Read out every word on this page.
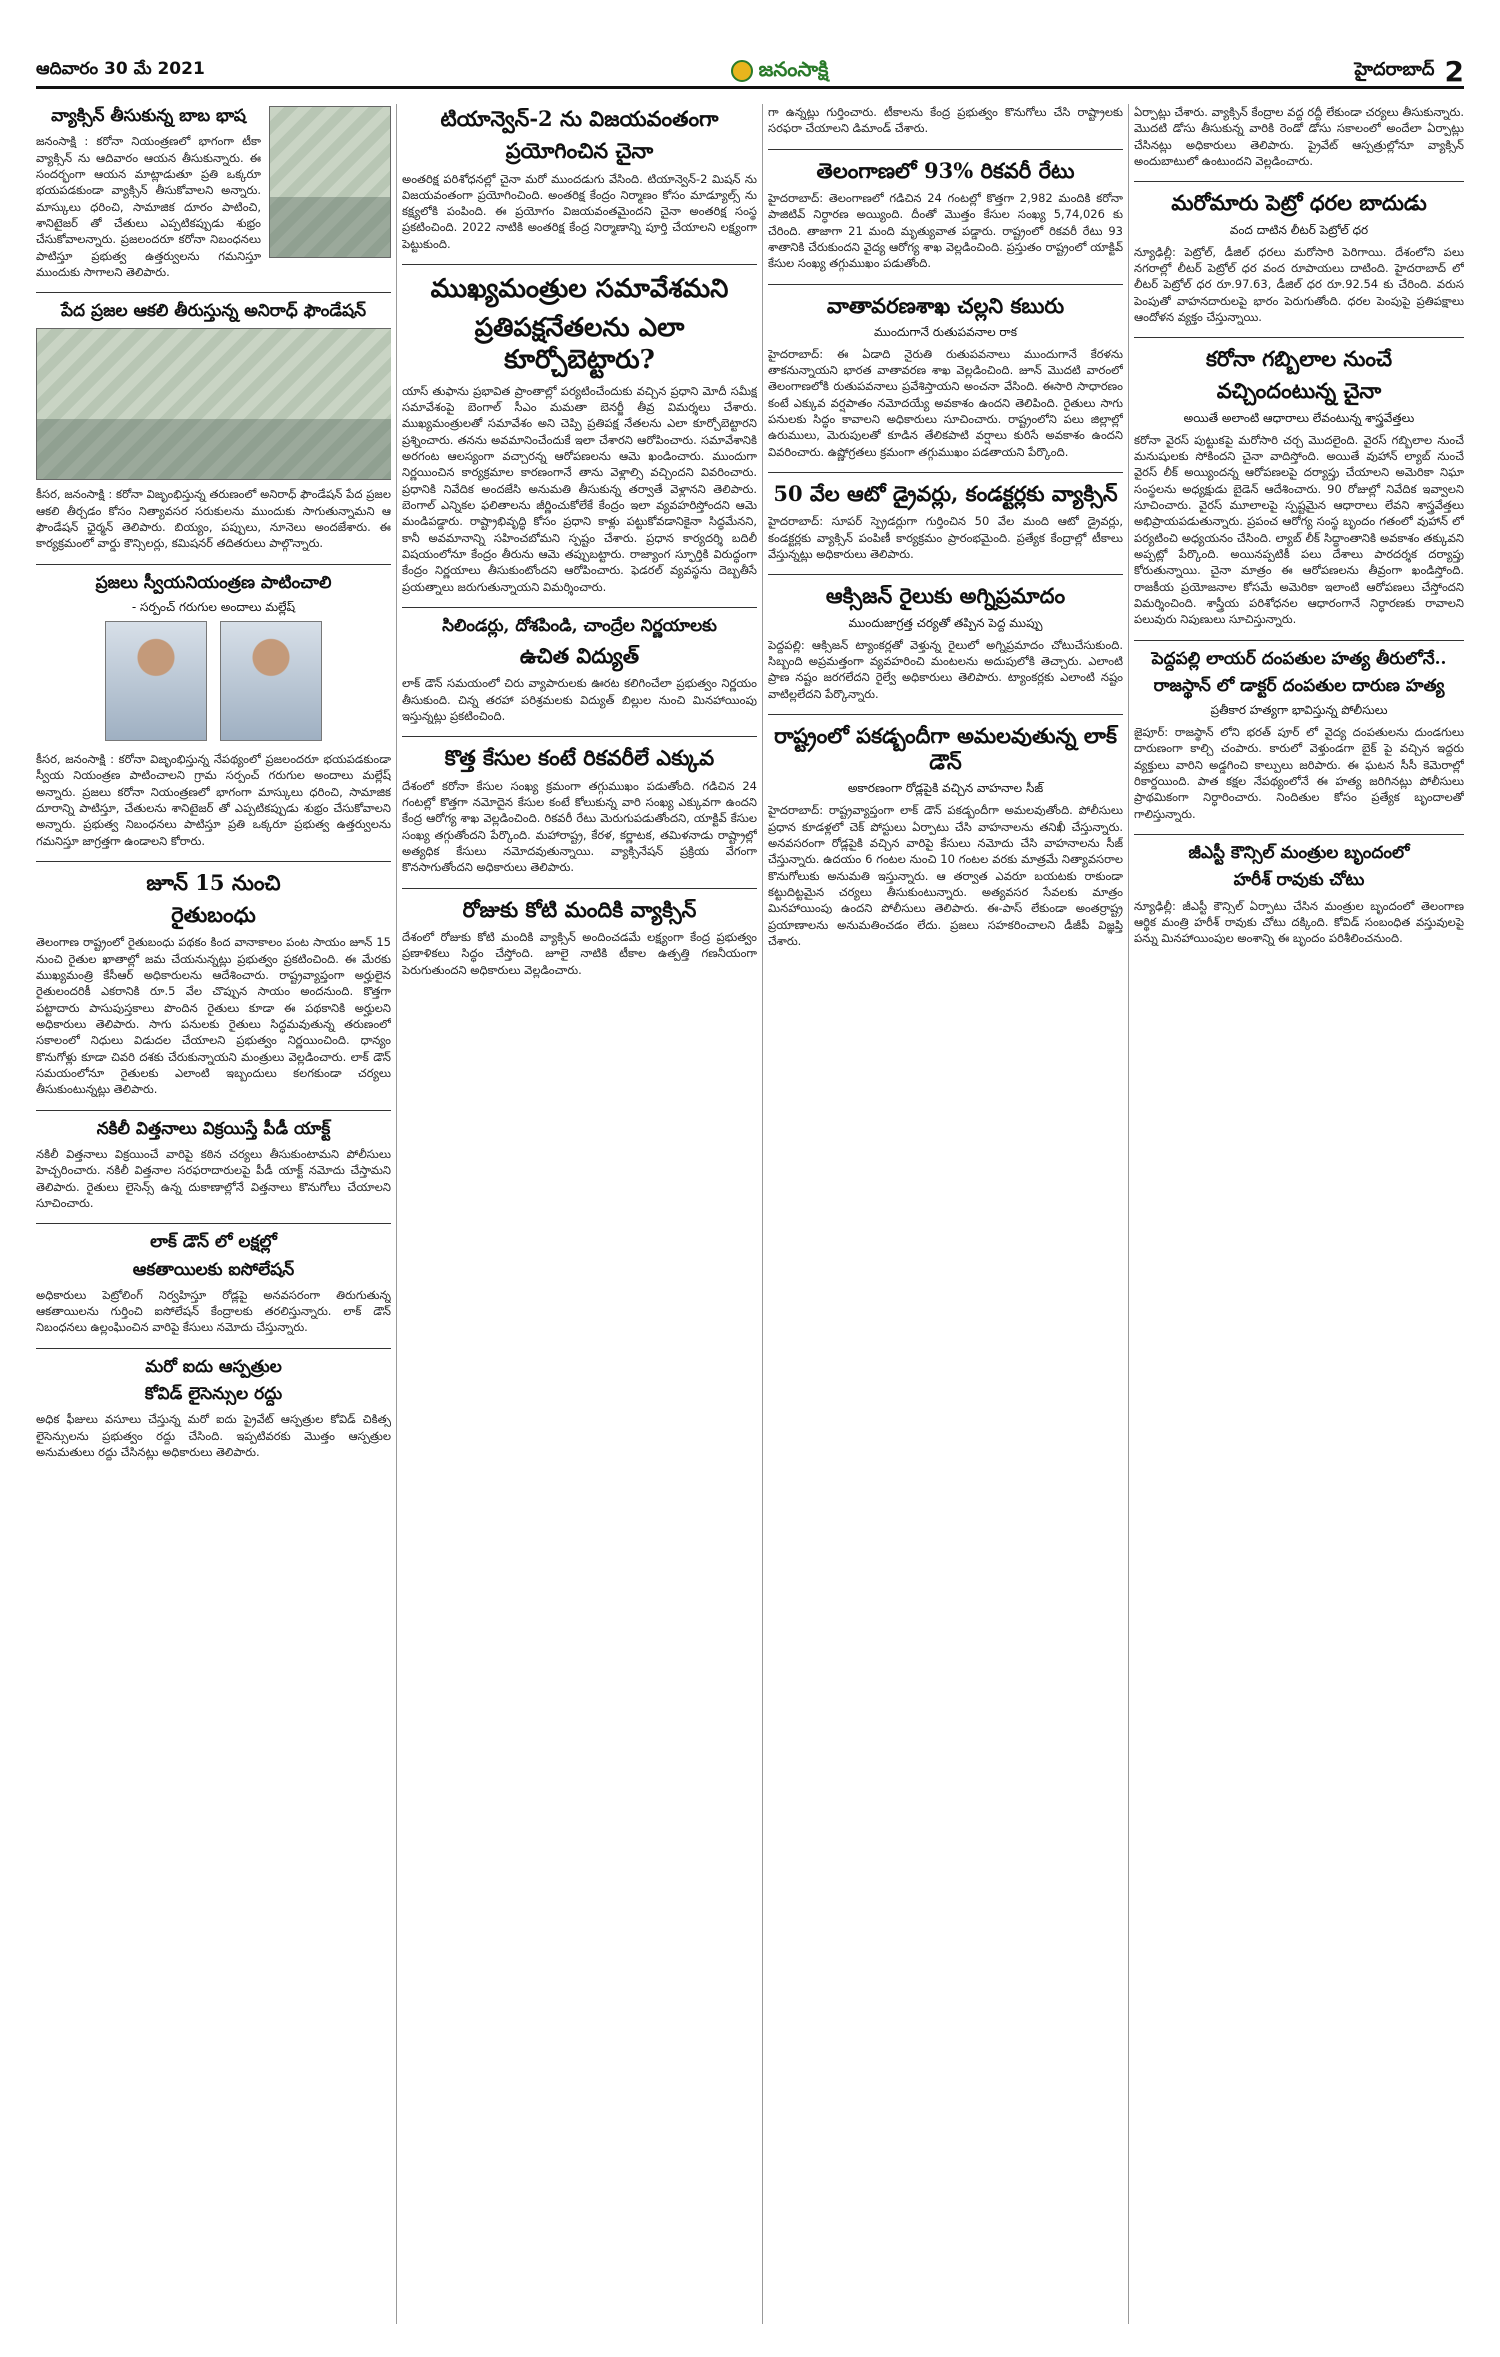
ఆదివారం 30 మే 2021	జనంసాక్షి	హైదరాబాద్ 2
వ్యాక్సిన్ తీసుకున్న బాబ భాష

జనంసాక్షి : కరోనా నియంత్రణలో భాగంగా టీకా వ్యాక్సిన్ ను ఆదివారం ఆయన తీసుకున్నారు. ఈ సందర్భంగా ఆయన మాట్లాడుతూ ప్రతి ఒక్కరూ భయపడకుండా వ్యాక్సిన్ తీసుకోవాలని అన్నారు. మాస్కులు ధరించి, సామాజిక దూరం పాటించి, శానిటైజర్ తో చేతులు ఎప్పటికప్పుడు శుభ్రం చేసుకోవాలన్నారు. ప్రజలందరూ కరోనా నిబంధనలు పాటిస్తూ ప్రభుత్వ ఉత్తర్వులను గమనిస్తూ ముందుకు సాగాలని తెలిపారు.

పేద ప్రజల ఆకలి తీరుస్తున్న అనిరాధ్ ఫౌండేషన్

కీసర, జనంసాక్షి : కరోనా విజృంభిస్తున్న తరుణంలో అనిరాధ్ ఫౌండేషన్ పేద ప్రజల ఆకలి తీర్చడం కోసం నిత్యావసర సరుకులను ముందుకు సాగుతున్నామని ఆ ఫౌండేషన్ ఛైర్మన్ తెలిపారు. బియ్యం, పప్పులు, నూనెలు అందజేశారు. ఈ కార్యక్రమంలో వార్డు కౌన్సిలర్లు, కమిషనర్ తదితరులు పాల్గొన్నారు.

ప్రజలు స్వీయనియంత్రణ పాటించాలి

- సర్పంచ్ గరుగుల అందాలు మల్లేష్

కీసర, జనంసాక్షి : కరోనా విజృంభిస్తున్న నేపథ్యంలో ప్రజలందరూ భయపడకుండా స్వీయ నియంత్రణ పాటించాలని గ్రామ సర్పంచ్ గరుగుల అందాలు మల్లేష్ అన్నారు. ప్రజలు కరోనా నియంత్రణలో భాగంగా మాస్కులు ధరించి, సామాజిక దూరాన్ని పాటిస్తూ, చేతులను శానిటైజర్ తో ఎప్పటికప్పుడు శుభ్రం చేసుకోవాలని అన్నారు. ప్రభుత్వ నిబంధనలు పాటిస్తూ ప్రతి ఒక్కరూ ప్రభుత్వ ఉత్తర్వులను గమనిస్తూ జాగ్రత్తగా ఉండాలని కోరారు.

జూన్ 15 నుంచి
రైతుబంధు

తెలంగాణ రాష్ట్రంలో రైతుబంధు పథకం కింద వానాకాలం పంట సాయం జూన్ 15 నుంచి రైతుల ఖాతాల్లో జమ చేయనున్నట్లు ప్రభుత్వం ప్రకటించింది. ఈ మేరకు ముఖ్యమంత్రి కేసీఆర్ అధికారులను ఆదేశించారు. రాష్ట్రవ్యాప్తంగా అర్హులైన రైతులందరికీ ఎకరానికి రూ.5 వేల చొప్పున సాయం అందనుంది. కొత్తగా పట్టాదారు పాసుపుస్తకాలు పొందిన రైతులు కూడా ఈ పథకానికి అర్హులని అధికారులు తెలిపారు. సాగు పనులకు రైతులు సిద్ధమవుతున్న తరుణంలో సకాలంలో నిధులు విడుదల చేయాలని ప్రభుత్వం నిర్ణయించింది. ధాన్యం కొనుగోళ్లు కూడా చివరి దశకు చేరుకున్నాయని మంత్రులు వెల్లడించారు. లాక్ డౌన్ సమయంలోనూ రైతులకు ఎలాంటి ఇబ్బందులు కలగకుండా చర్యలు తీసుకుంటున్నట్లు తెలిపారు.

నకిలీ విత్తనాలు విక్రయిస్తే పీడీ యాక్ట్

నకిలీ విత్తనాలు విక్రయించే వారిపై కఠిన చర్యలు తీసుకుంటామని పోలీసులు హెచ్చరించారు. నకిలీ విత్తనాల సరఫరాదారులపై పీడీ యాక్ట్ నమోదు చేస్తామని తెలిపారు. రైతులు లైసెన్స్ ఉన్న దుకాణాల్లోనే విత్తనాలు కొనుగోలు చేయాలని సూచించారు.

లాక్ డౌన్ లో లక్షల్లో
ఆకతాయిలకు ఐసోలేషన్

అధికారులు పెట్రోలింగ్ నిర్వహిస్తూ రోడ్లపై అనవసరంగా తిరుగుతున్న ఆకతాయిలను గుర్తించి ఐసోలేషన్ కేంద్రాలకు తరలిస్తున్నారు. లాక్ డౌన్ నిబంధనలు ఉల్లంఘించిన వారిపై కేసులు నమోదు చేస్తున్నారు.

మరో ఐదు ఆస్పత్రుల
కోవిడ్ లైసెన్సుల రద్దు

అధిక ఫీజులు వసూలు చేస్తున్న మరో ఐదు ప్రైవేట్ ఆస్పత్రుల కోవిడ్ చికిత్స లైసెన్సులను ప్రభుత్వం రద్దు చేసింది. ఇప్పటివరకు మొత్తం ఆస్పత్రుల అనుమతులు రద్దు చేసినట్లు అధికారులు తెలిపారు.

టియాన్వెన్-2 ను విజయవంతంగా
ప్రయోగించిన చైనా

అంతరిక్ష పరిశోధనల్లో చైనా మరో ముందడుగు వేసింది. టియాన్వెన్-2 మిషన్ ను విజయవంతంగా ప్రయోగించింది. అంతరిక్ష కేంద్రం నిర్మాణం కోసం మాడ్యూల్స్ ను కక్ష్యలోకి పంపింది. ఈ ప్రయోగం విజయవంతమైందని చైనా అంతరిక్ష సంస్థ ప్రకటించింది. 2022 నాటికి అంతరిక్ష కేంద్ర నిర్మాణాన్ని పూర్తి చేయాలని లక్ష్యంగా పెట్టుకుంది.

ముఖ్యమంత్రుల సమావేశమని
ప్రతిపక్షనేతలను ఎలా కూర్చోబెట్టారు?

యాస్ తుఫాను ప్రభావిత ప్రాంతాల్లో పర్యటించేందుకు వచ్చిన ప్రధాని మోదీ సమీక్ష సమావేశంపై బెంగాల్ సీఎం మమతా బెనర్జీ తీవ్ర విమర్శలు చేశారు. ముఖ్యమంత్రులతో సమావేశం అని చెప్పి ప్రతిపక్ష నేతలను ఎలా కూర్చోబెట్టారని ప్రశ్నించారు. తనను అవమానించేందుకే ఇలా చేశారని ఆరోపించారు. సమావేశానికి అరగంట ఆలస్యంగా వచ్చారన్న ఆరోపణలను ఆమె ఖండించారు. ముందుగా నిర్ణయించిన కార్యక్రమాల కారణంగానే తాను వెళ్లాల్సి వచ్చిందని వివరించారు. ప్రధానికి నివేదిక అందజేసి అనుమతి తీసుకున్న తర్వాతే వెళ్లానని తెలిపారు. బెంగాల్ ఎన్నికల ఫలితాలను జీర్ణించుకోలేకే కేంద్రం ఇలా వ్యవహరిస్తోందని ఆమె మండిపడ్డారు. రాష్ట్రాభివృద్ధి కోసం ప్రధాని కాళ్లు పట్టుకోవడానికైనా సిద్ధమేనని, కానీ అవమానాన్ని సహించబోమని స్పష్టం చేశారు. ప్రధాన కార్యదర్శి బదిలీ విషయంలోనూ కేంద్రం తీరును ఆమె తప్పుబట్టారు. రాజ్యాంగ స్ఫూర్తికి విరుద్ధంగా కేంద్రం నిర్ణయాలు తీసుకుంటోందని ఆరోపించారు. ఫెడరల్ వ్యవస్థను దెబ్బతీసే ప్రయత్నాలు జరుగుతున్నాయని విమర్శించారు.

సిలిండర్లు, దోశపిండి, చాంద్రేల నిర్ణయాలకు
ఉచిత విద్యుత్

లాక్ డౌన్ సమయంలో చిరు వ్యాపారులకు ఊరట కలిగించేలా ప్రభుత్వం నిర్ణయం తీసుకుంది. చిన్న తరహా పరిశ్రమలకు విద్యుత్ బిల్లుల నుంచి మినహాయింపు ఇస్తున్నట్లు ప్రకటించింది.

కొత్త కేసుల కంటే రికవరీలే ఎక్కువ

దేశంలో కరోనా కేసుల సంఖ్య క్రమంగా తగ్గుముఖం పడుతోంది. గడిచిన 24 గంటల్లో కొత్తగా నమోదైన కేసుల కంటే కోలుకున్న వారి సంఖ్య ఎక్కువగా ఉందని కేంద్ర ఆరోగ్య శాఖ వెల్లడించింది. రికవరీ రేటు మెరుగుపడుతోందని, యాక్టివ్ కేసుల సంఖ్య తగ్గుతోందని పేర్కొంది. మహారాష్ట్ర, కేరళ, కర్ణాటక, తమిళనాడు రాష్ట్రాల్లో అత్యధిక కేసులు నమోదవుతున్నాయి. వ్యాక్సినేషన్ ప్రక్రియ వేగంగా కొనసాగుతోందని అధికారులు తెలిపారు.

రోజుకు కోటి మందికి వ్యాక్సిన్

దేశంలో రోజుకు కోటి మందికి వ్యాక్సిన్ అందించడమే లక్ష్యంగా కేంద్ర ప్రభుత్వం ప్రణాళికలు సిద్ధం చేస్తోంది. జూలై నాటికి టీకాల ఉత్పత్తి గణనీయంగా పెరుగుతుందని అధికారులు వెల్లడించారు.

గా ఉన్నట్లు గుర్తించారు. టీకాలను కేంద్ర ప్రభుత్వం కొనుగోలు చేసి రాష్ట్రాలకు సరఫరా చేయాలని డిమాండ్ చేశారు.

తెలంగాణలో 93% రికవరీ రేటు

హైదరాబాద్: తెలంగాణలో గడిచిన 24 గంటల్లో కొత్తగా 2,982 మందికి కరోనా పాజిటివ్ నిర్ధారణ అయ్యింది. దీంతో మొత్తం కేసుల సంఖ్య 5,74,026 కు చేరింది. తాజాగా 21 మంది మృత్యువాత పడ్డారు. రాష్ట్రంలో రికవరీ రేటు 93 శాతానికి చేరుకుందని వైద్య ఆరోగ్య శాఖ వెల్లడించింది. ప్రస్తుతం రాష్ట్రంలో యాక్టివ్ కేసుల సంఖ్య తగ్గుముఖం పడుతోంది.

వాతావరణశాఖ చల్లని కబురు

ముందుగానే రుతుపవనాల రాక

హైదరాబాద్: ఈ ఏడాది నైరుతి రుతుపవనాలు ముందుగానే కేరళను తాకనున్నాయని భారత వాతావరణ శాఖ వెల్లడించింది. జూన్ మొదటి వారంలో తెలంగాణలోకి రుతుపవనాలు ప్రవేశిస్తాయని అంచనా వేసింది. ఈసారి సాధారణం కంటే ఎక్కువ వర్షపాతం నమోదయ్యే అవకాశం ఉందని తెలిపింది. రైతులు సాగు పనులకు సిద్ధం కావాలని అధికారులు సూచించారు. రాష్ట్రంలోని పలు జిల్లాల్లో ఉరుములు, మెరుపులతో కూడిన తేలికపాటి వర్షాలు కురిసే అవకాశం ఉందని వివరించారు. ఉష్ణోగ్రతలు క్రమంగా తగ్గుముఖం పడతాయని పేర్కొంది.

50 వేల ఆటో డ్రైవర్లు, కండక్టర్లకు వ్యాక్సిన్

హైదరాబాద్: సూపర్ స్ప్రెడర్లుగా గుర్తించిన 50 వేల మంది ఆటో డ్రైవర్లు, కండక్టర్లకు వ్యాక్సిన్ పంపిణీ కార్యక్రమం ప్రారంభమైంది. ప్రత్యేక కేంద్రాల్లో టీకాలు వేస్తున్నట్లు అధికారులు తెలిపారు.

ఆక్సిజన్ రైలుకు అగ్నిప్రమాదం

ముందుజాగ్రత్త చర్యతో తప్పిన పెద్ద ముప్పు

పెద్దపల్లి: ఆక్సిజన్ ట్యాంకర్లతో వెళ్తున్న రైలులో అగ్నిప్రమాదం చోటుచేసుకుంది. సిబ్బంది అప్రమత్తంగా వ్యవహరించి మంటలను అదుపులోకి తెచ్చారు. ఎలాంటి ప్రాణ నష్టం జరగలేదని రైల్వే అధికారులు తెలిపారు. ట్యాంకర్లకు ఎలాంటి నష్టం వాటిల్లలేదని పేర్కొన్నారు.

రాష్ట్రంలో పకడ్బందీగా అమలవుతున్న లాక్ డౌన్

అకారణంగా రోడ్లపైకి వచ్చిన వాహనాల సీజ్

హైదరాబాద్: రాష్ట్రవ్యాప్తంగా లాక్ డౌన్ పకడ్బందీగా అమలవుతోంది. పోలీసులు ప్రధాన కూడళ్లలో చెక్ పోస్టులు ఏర్పాటు చేసి వాహనాలను తనిఖీ చేస్తున్నారు. అనవసరంగా రోడ్లపైకి వచ్చిన వారిపై కేసులు నమోదు చేసి వాహనాలను సీజ్ చేస్తున్నారు. ఉదయం 6 గంటల నుంచి 10 గంటల వరకు మాత్రమే నిత్యావసరాల కొనుగోలుకు అనుమతి ఇస్తున్నారు. ఆ తర్వాత ఎవరూ బయటకు రాకుండా కట్టుదిట్టమైన చర్యలు తీసుకుంటున్నారు. అత్యవసర సేవలకు మాత్రం మినహాయింపు ఉందని పోలీసులు తెలిపారు. ఈ-పాస్ లేకుండా అంతర్రాష్ట్ర ప్రయాణాలను అనుమతించడం లేదు. ప్రజలు సహకరించాలని డీజీపీ విజ్ఞప్తి చేశారు.

ఏర్పాట్లు చేశారు. వ్యాక్సిన్ కేంద్రాల వద్ద రద్దీ లేకుండా చర్యలు తీసుకున్నారు. మొదటి డోసు తీసుకున్న వారికి రెండో డోసు సకాలంలో అందేలా ఏర్పాట్లు చేసినట్లు అధికారులు తెలిపారు. ప్రైవేట్ ఆస్పత్రుల్లోనూ వ్యాక్సిన్ అందుబాటులో ఉంటుందని వెల్లడించారు.

మరోమారు పెట్రో ధరల బాదుడు

వంద దాటిన లీటర్ పెట్రోల్ ధర

న్యూఢిల్లీ: పెట్రోల్, డీజిల్ ధరలు మరోసారి పెరిగాయి. దేశంలోని పలు నగరాల్లో లీటర్ పెట్రోల్ ధర వంద రూపాయలు దాటింది. హైదరాబాద్ లో లీటర్ పెట్రోల్ ధర రూ.97.63, డీజిల్ ధర రూ.92.54 కు చేరింది. వరుస పెంపుతో వాహనదారులపై భారం పెరుగుతోంది. ధరల పెంపుపై ప్రతిపక్షాలు ఆందోళన వ్యక్తం చేస్తున్నాయి.

కరోనా గబ్బిలాల నుంచే
వచ్చిందంటున్న చైనా

అయితే అలాంటి ఆధారాలు లేవంటున్న శాస్త్రవేత్తలు

కరోనా వైరస్ పుట్టుకపై మరోసారి చర్చ మొదలైంది. వైరస్ గబ్బిలాల నుంచే మనుషులకు సోకిందని చైనా వాదిస్తోంది. అయితే వుహాన్ ల్యాబ్ నుంచే వైరస్ లీక్ అయ్యిందన్న ఆరోపణలపై దర్యాప్తు చేయాలని అమెరికా నిఘా సంస్థలను అధ్యక్షుడు బైడెన్ ఆదేశించారు. 90 రోజుల్లో నివేదిక ఇవ్వాలని సూచించారు. వైరస్ మూలాలపై స్పష్టమైన ఆధారాలు లేవని శాస్త్రవేత్తలు అభిప్రాయపడుతున్నారు. ప్రపంచ ఆరోగ్య సంస్థ బృందం గతంలో వుహాన్ లో పర్యటించి అధ్యయనం చేసింది. ల్యాబ్ లీక్ సిద్ధాంతానికి అవకాశం తక్కువని అప్పట్లో పేర్కొంది. అయినప్పటికీ పలు దేశాలు పారదర్శక దర్యాప్తు కోరుతున్నాయి. చైనా మాత్రం ఈ ఆరోపణలను తీవ్రంగా ఖండిస్తోంది. రాజకీయ ప్రయోజనాల కోసమే అమెరికా ఇలాంటి ఆరోపణలు చేస్తోందని విమర్శించింది. శాస్త్రీయ పరిశోధనల ఆధారంగానే నిర్ధారణకు రావాలని పలువురు నిపుణులు సూచిస్తున్నారు.

పెద్దపల్లి లాయర్ దంపతుల హత్య తీరులోనే..
రాజస్థాన్ లో డాక్టర్ దంపతుల దారుణ హత్య

ప్రతీకార హత్యగా భావిస్తున్న పోలీసులు

జైపూర్: రాజస్థాన్ లోని భరత్ పూర్ లో వైద్య దంపతులను దుండగులు దారుణంగా కాల్చి చంపారు. కారులో వెళ్తుండగా బైక్ పై వచ్చిన ఇద్దరు వ్యక్తులు వారిని అడ్డగించి కాల్పులు జరిపారు. ఈ ఘటన సీసీ కెమెరాల్లో రికార్డయింది. పాత కక్షల నేపథ్యంలోనే ఈ హత్య జరిగినట్లు పోలీసులు ప్రాథమికంగా నిర్ధారించారు. నిందితుల కోసం ప్రత్యేక బృందాలతో గాలిస్తున్నారు.

జీఎస్టీ కౌన్సిల్ మంత్రుల బృందంలో
హరీశ్ రావుకు చోటు

న్యూఢిల్లీ: జీఎస్టీ కౌన్సిల్ ఏర్పాటు చేసిన మంత్రుల బృందంలో తెలంగాణ ఆర్థిక మంత్రి హరీశ్ రావుకు చోటు దక్కింది. కోవిడ్ సంబంధిత వస్తువులపై పన్ను మినహాయింపుల అంశాన్ని ఈ బృందం పరిశీలించనుంది.
